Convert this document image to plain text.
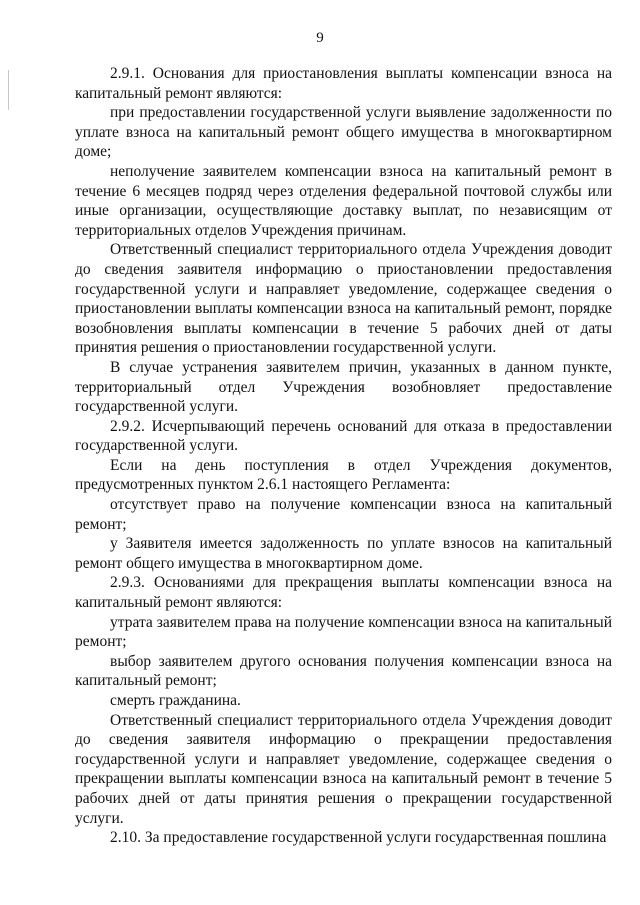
9

2.9.1. Основания для приостановления выплаты компенсации взноса на капитальный ремонт являются:

при предоставлении государственной услуги выявление задолженности по уплате взноса на капитальный ремонт общего имущества в многоквартирном доме;

неполучение заявителем компенсации взноса на капитальный ремонт в течение 6 месяцев подряд через отделения федеральной почтовой службы или иные организации, осуществляющие доставку выплат, по независящим от территориальных отделов Учреждения причинам.

Ответственный специалист территориального отдела Учреждения доводит до сведения заявителя информацию о приостановлении предоставления государственной услуги и направляет уведомление, содержащее сведения о приостановлении выплаты компенсации взноса на капитальный ремонт, порядке возобновления выплаты компенсации в течение 5 рабочих дней от даты принятия решения о приостановлении государственной услуги.

В случае устранения заявителем причин, указанных в данном пункте, территориальный отдел Учреждения возобновляет предоставление государственной услуги.

2.9.2. Исчерпывающий перечень оснований для отказа в предоставлении государственной услуги.

Если на день поступления в отдел Учреждения документов, предусмотренных пунктом 2.6.1 настоящего Регламента:

отсутствует право на получение компенсации взноса на капитальный ремонт;

у Заявителя имеется задолженность по уплате взносов на капитальный ремонт общего имущества в многоквартирном доме.

2.9.3. Основаниями для прекращения выплаты компенсации взноса на капитальный ремонт являются:

утрата заявителем права на получение компенсации взноса на капитальный ремонт;

выбор заявителем другого основания получения компенсации взноса на капитальный ремонт;

смерть гражданина.

Ответственный специалист территориального отдела Учреждения доводит до сведения заявителя информацию о прекращении предоставления государственной услуги и направляет уведомление, содержащее сведения о прекращении выплаты компенсации взноса на капитальный ремонт в течение 5 рабочих дней от даты принятия решения о прекращении государственной услуги.

2.10. За предоставление государственной услуги государственная пошлина
